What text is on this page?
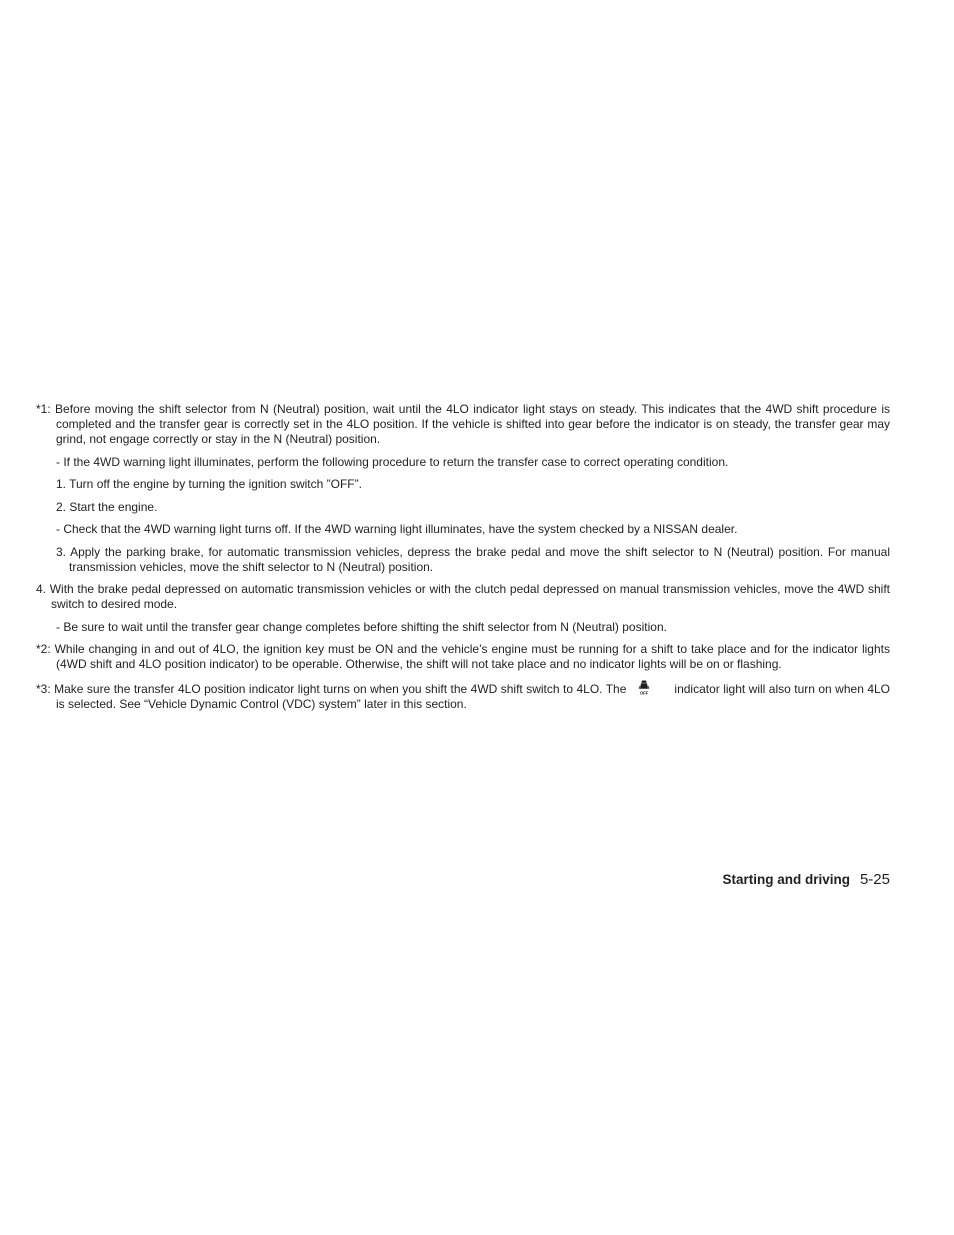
*1: Before moving the shift selector from N (Neutral) position, wait until the 4LO indicator light stays on steady. This indicates that the 4WD shift procedure is completed and the transfer gear is correctly set in the 4LO position. If the vehicle is shifted into gear before the indicator is on steady, the transfer gear may grind, not engage correctly or stay in the N (Neutral) position.

- If the 4WD warning light illuminates, perform the following procedure to return the transfer case to correct operating condition.

1. Turn off the engine by turning the ignition switch ”OFF”.

2. Start the engine.

- Check that the 4WD warning light turns off. If the 4WD warning light illuminates, have the system checked by a NISSAN dealer.

3. Apply the parking brake, for automatic transmission vehicles, depress the brake pedal and move the shift selector to N (Neutral) position. For manual transmission vehicles, move the shift selector to N (Neutral) position.

4. With the brake pedal depressed on automatic transmission vehicles or with the clutch pedal depressed on manual transmission vehicles, move the 4WD shift switch to desired mode.

- Be sure to wait until the transfer gear change completes before shifting the shift selector from N (Neutral) position.

*2: While changing in and out of 4LO, the ignition key must be ON and the vehicle’s engine must be running for a shift to take place and for the indicator lights (4WD shift and 4LO position indicator) to be operable. Otherwise, the shift will not take place and no indicator lights will be on or flashing.

*3: Make sure the transfer 4LO position indicator light turns on when you shift the 4WD shift switch to 4LO. The	OFF indicator light will also turn on when 4LO is selected. See “Vehicle Dynamic Control (VDC) system” later in this section.

Starting and driving 5-25
